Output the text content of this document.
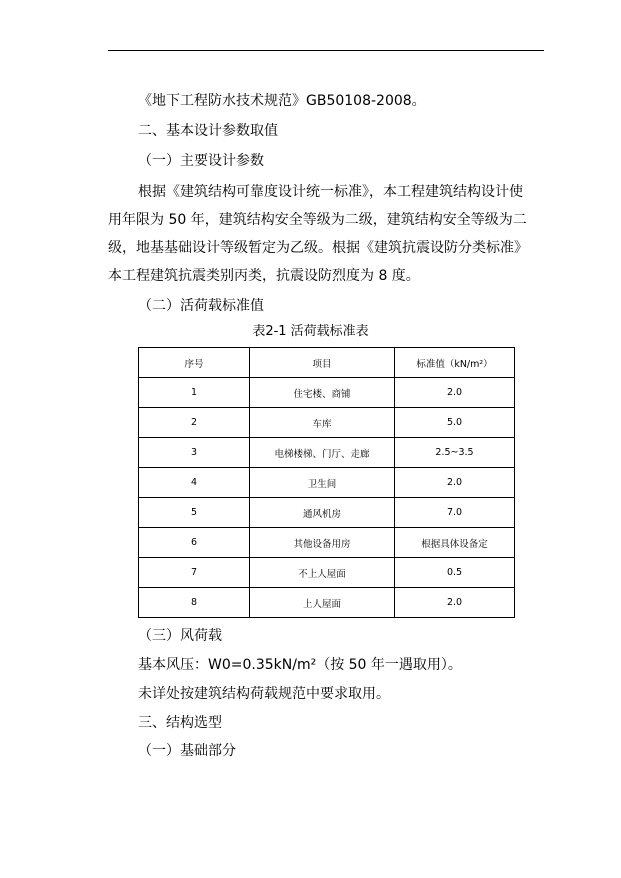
《地下工程防水技术规范》GB50108-2008。
二、基本设计参数取值
（一）主要设计参数
根据《建筑结构可靠度设计统一标准》，本工程建筑结构设计使
用年限为 50 年，建筑结构安全等级为二级，建筑结构安全等级为二
级，地基基础设计等级暂定为乙级。根据《建筑抗震设防分类标准》
本工程建筑抗震类别丙类，抗震设防烈度为 8 度。
（二）活荷载标准值
表2-1 活荷载标准表
序号	项目	标准值（kN/m²）
1	住宅楼、商铺	2.0
2	车库	5.0
3	电梯楼梯、门厅、走廊	2.5~3.5
4	卫生间	2.0
5	通风机房	7.0
6	其他设备用房	根据具体设备定
7	不上人屋面	0.5
8	上人屋面	2.0
（三）风荷载
基本风压：W0=0.35kN/m²（按 50 年一遇取用）。
未详处按建筑结构荷载规范中要求取用。
三、结构选型
（一）基础部分
